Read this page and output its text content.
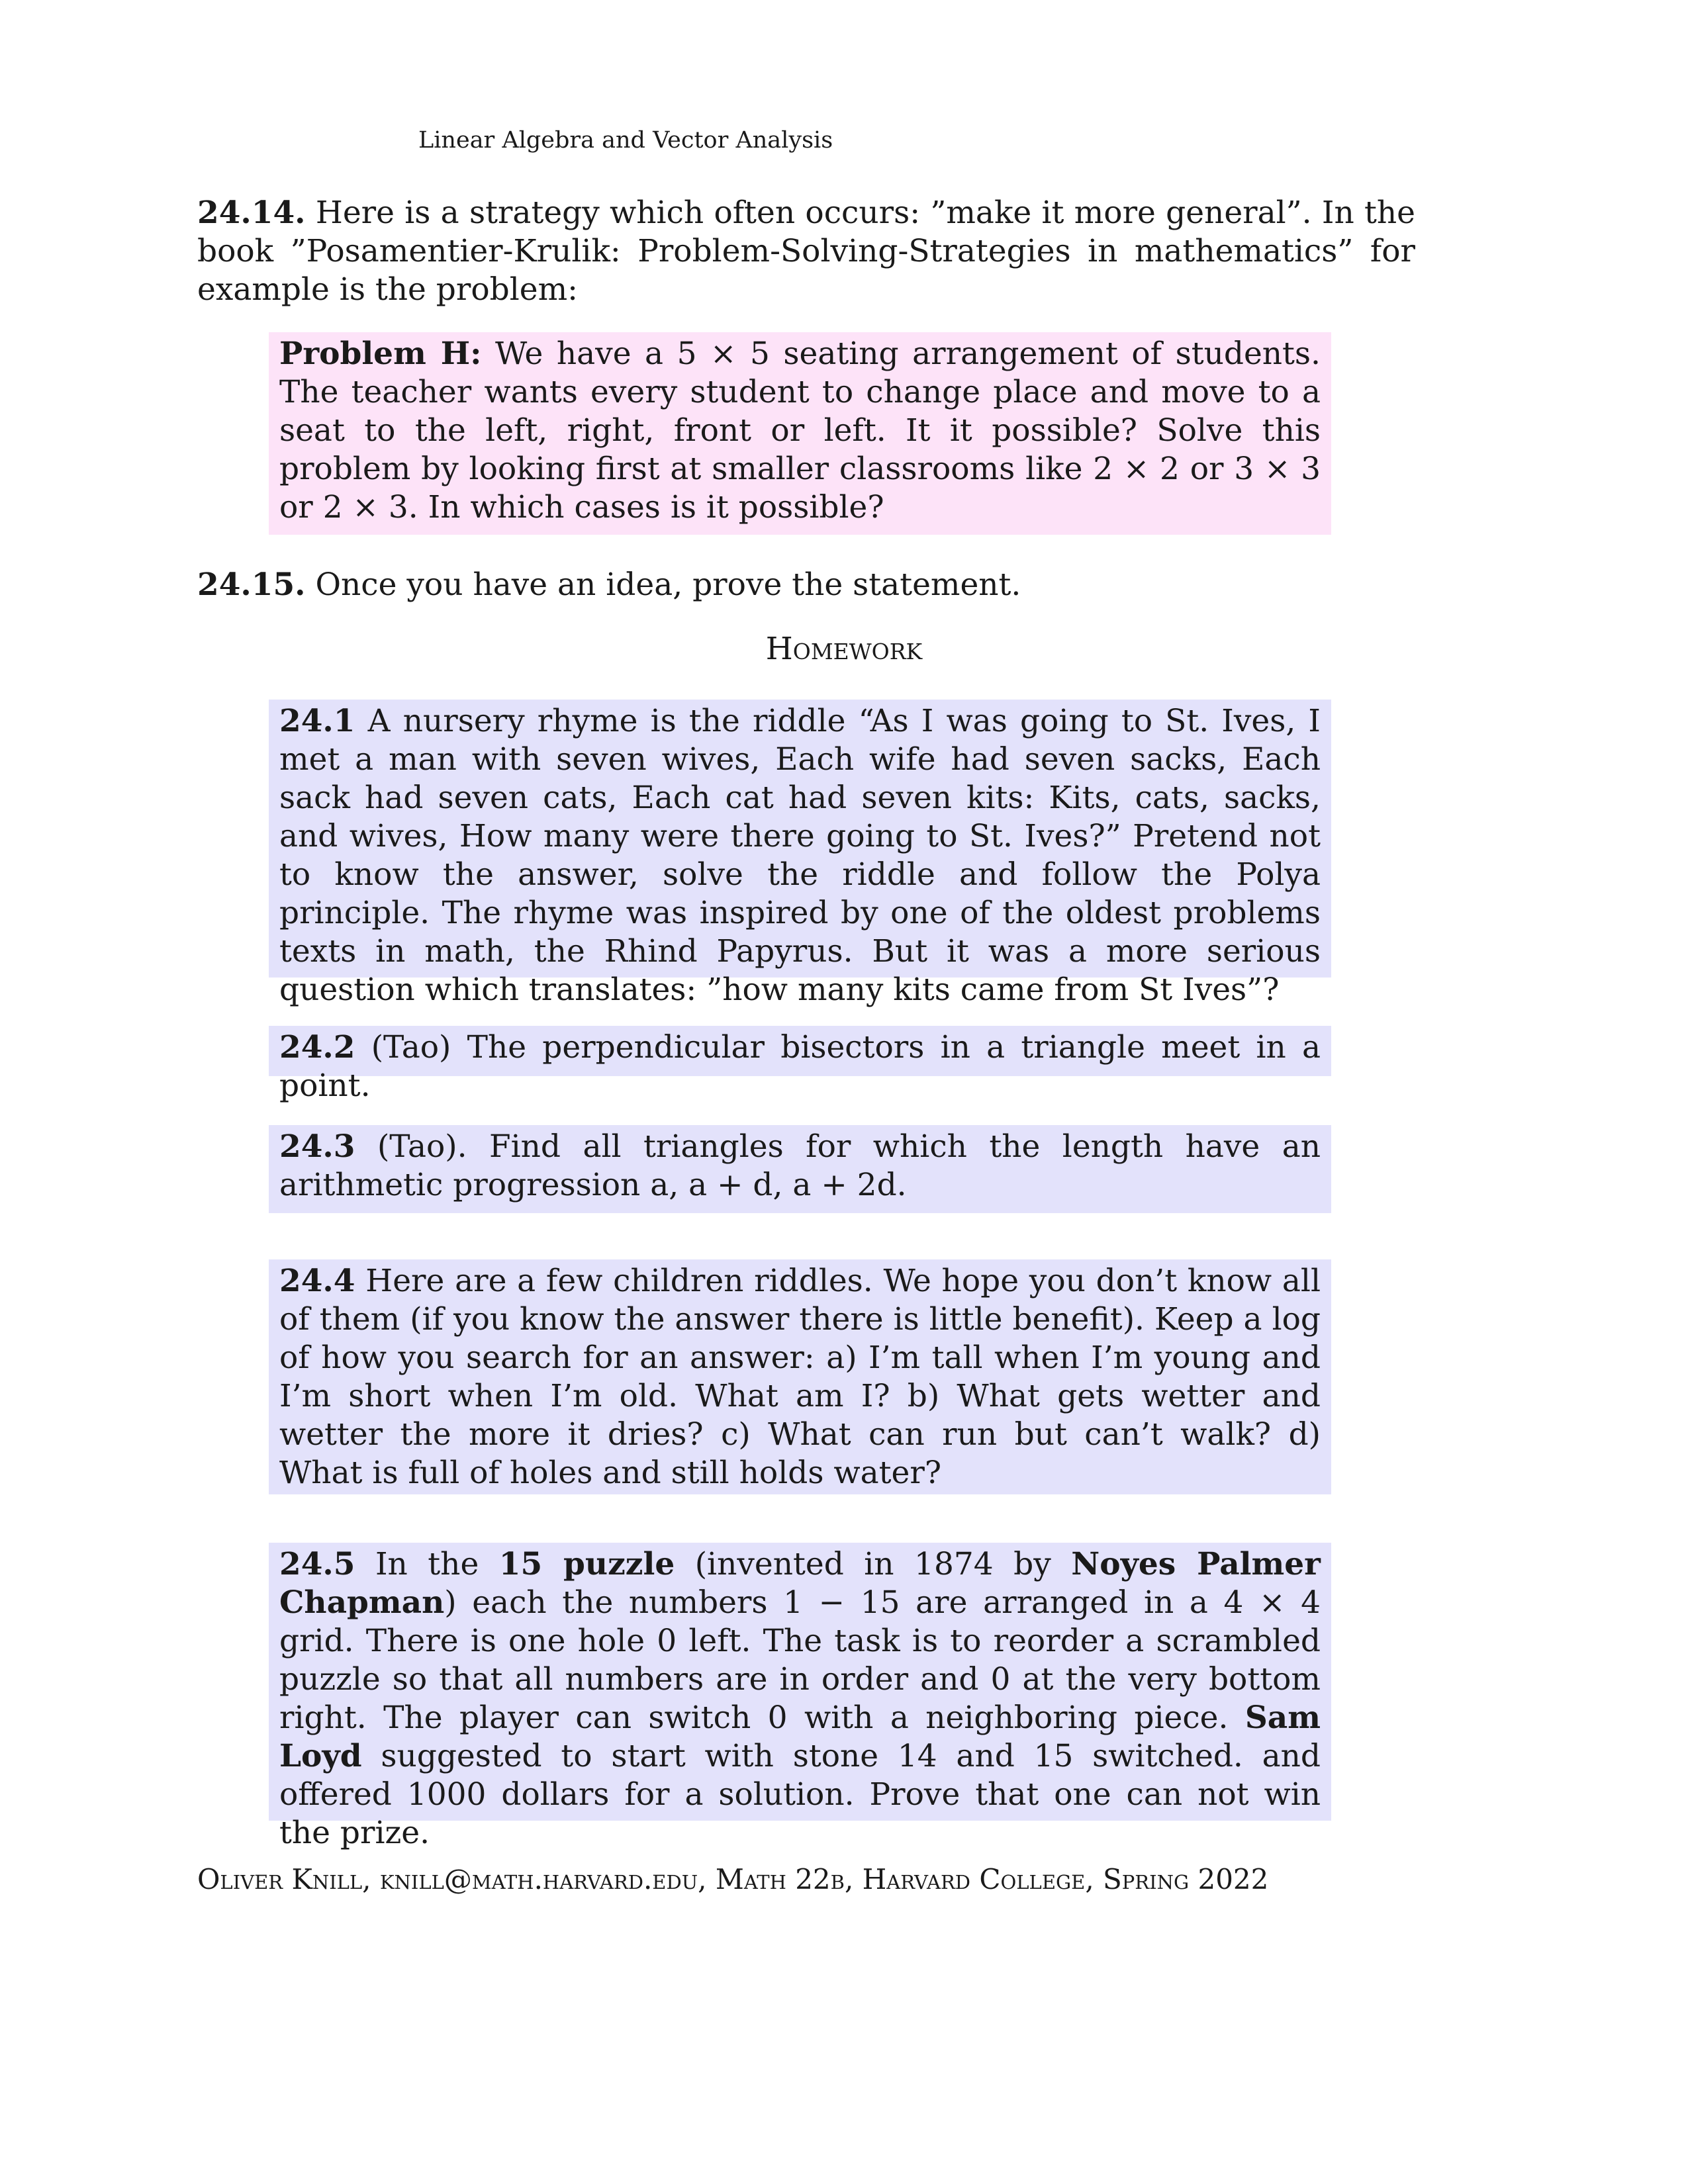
Linear Algebra and Vector Analysis
24.14. Here is a strategy which often occurs: ”make it more general”. In the book ”Posamentier-Krulik: Problem-Solving-Strategies in mathematics” for example is the problem:
Problem H: We have a 5 × 5 seating arrangement of students. The teacher wants every student to change place and move to a seat to the left, right, front or left. It it possible? Solve this problem by looking first at smaller classrooms like 2 × 2 or 3 × 3 or 2 × 3. In which cases is it possible?
24.15. Once you have an idea, prove the statement.
Homework
24.1 A nursery rhyme is the riddle “As I was going to St. Ives, I met a man with seven wives, Each wife had seven sacks, Each sack had seven cats, Each cat had seven kits: Kits, cats, sacks, and wives, How many were there going to St. Ives?” Pretend not to know the answer, solve the riddle and follow the Polya principle. The rhyme was inspired by one of the oldest problems texts in math, the Rhind Papyrus. But it was a more serious question which translates: ”how many kits came from St Ives”?
24.2 (Tao) The perpendicular bisectors in a triangle meet in a point.
24.3 (Tao). Find all triangles for which the length have an arithmetic progression a, a + d, a + 2d.
24.4 Here are a few children riddles. We hope you don’t know all of them (if you know the answer there is little benefit). Keep a log of how you search for an answer: a) I’m tall when I’m young and I’m short when I’m old. What am I? b) What gets wetter and wetter the more it dries? c) What can run but can’t walk? d) What is full of holes and still holds water?
24.5 In the 15 puzzle (invented in 1874 by Noyes Palmer Chapman) each the numbers 1 − 15 are arranged in a 4 × 4 grid. There is one hole 0 left. The task is to reorder a scrambled puzzle so that all numbers are in order and 0 at the very bottom right. The player can switch 0 with a neighboring piece. Sam Loyd suggested to start with stone 14 and 15 switched. and offered 1000 dollars for a solution. Prove that one can not win the prize.
Oliver Knill, knill@math.harvard.edu, Math 22b, Harvard College, Spring 2022
